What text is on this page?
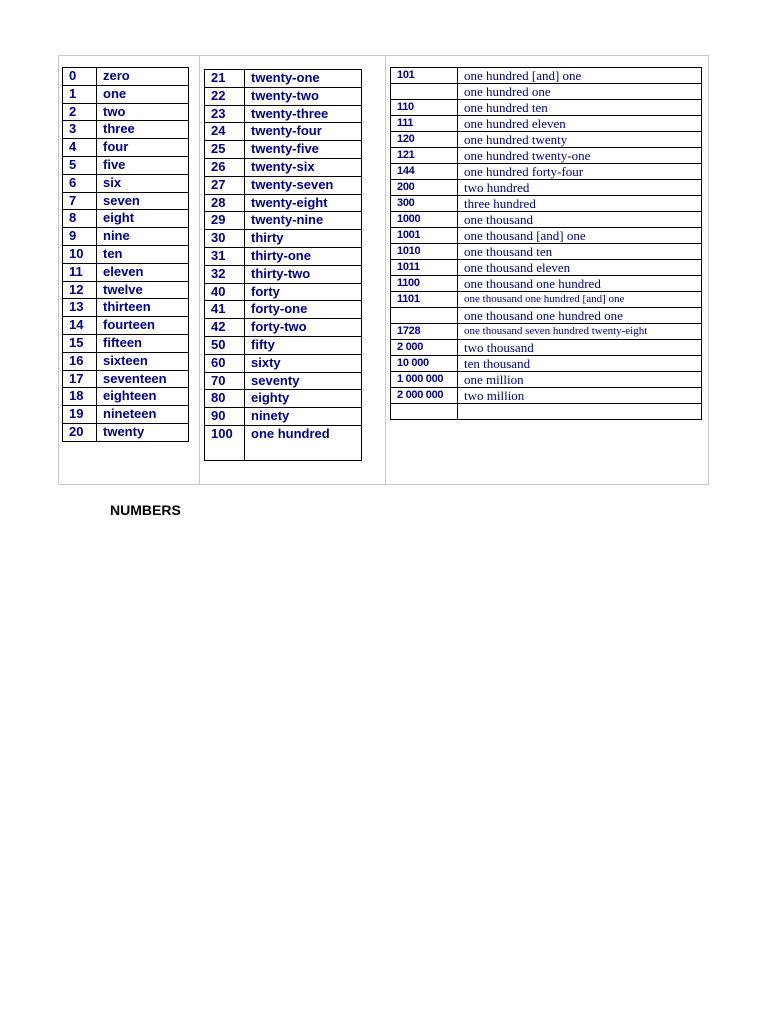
0	zero
1	one
2	two
3	three
4	four
5	five
6	six
7	seven
8	eight
9	nine
10	ten
11	eleven
12	twelve
13	thirteen
14	fourteen
15	fifteen
16	sixteen
17	seventeen
18	eighteen
19	nineteen
20	twenty
21	twenty-one
22	twenty-two
23	twenty-three
24	twenty-four
25	twenty-five
26	twenty-six
27	twenty-seven
28	twenty-eight
29	twenty-nine
30	thirty
31	thirty-one
32	thirty-two
40	forty
41	forty-one
42	forty-two
50	fifty
60	sixty
70	seventy
80	eighty
90	ninety
100	one hundred
101	one hundred [and] one
	one hundred one
110	one hundred ten
111	one hundred eleven
120	one hundred twenty
121	one hundred twenty-one
144	one hundred forty-four
200	two hundred
300	three hundred
1000	one thousand
1001	one thousand [and] one
1010	one thousand ten
1011	one thousand eleven
1100	one thousand one hundred
1101	one thousand one hundred [and] one
	one thousand one hundred one
1728	one thousand seven hundred twenty-eight
2 000	two thousand
10 000	ten thousand
1 000 000	one million
2 000 000	two million

NUMBERS
